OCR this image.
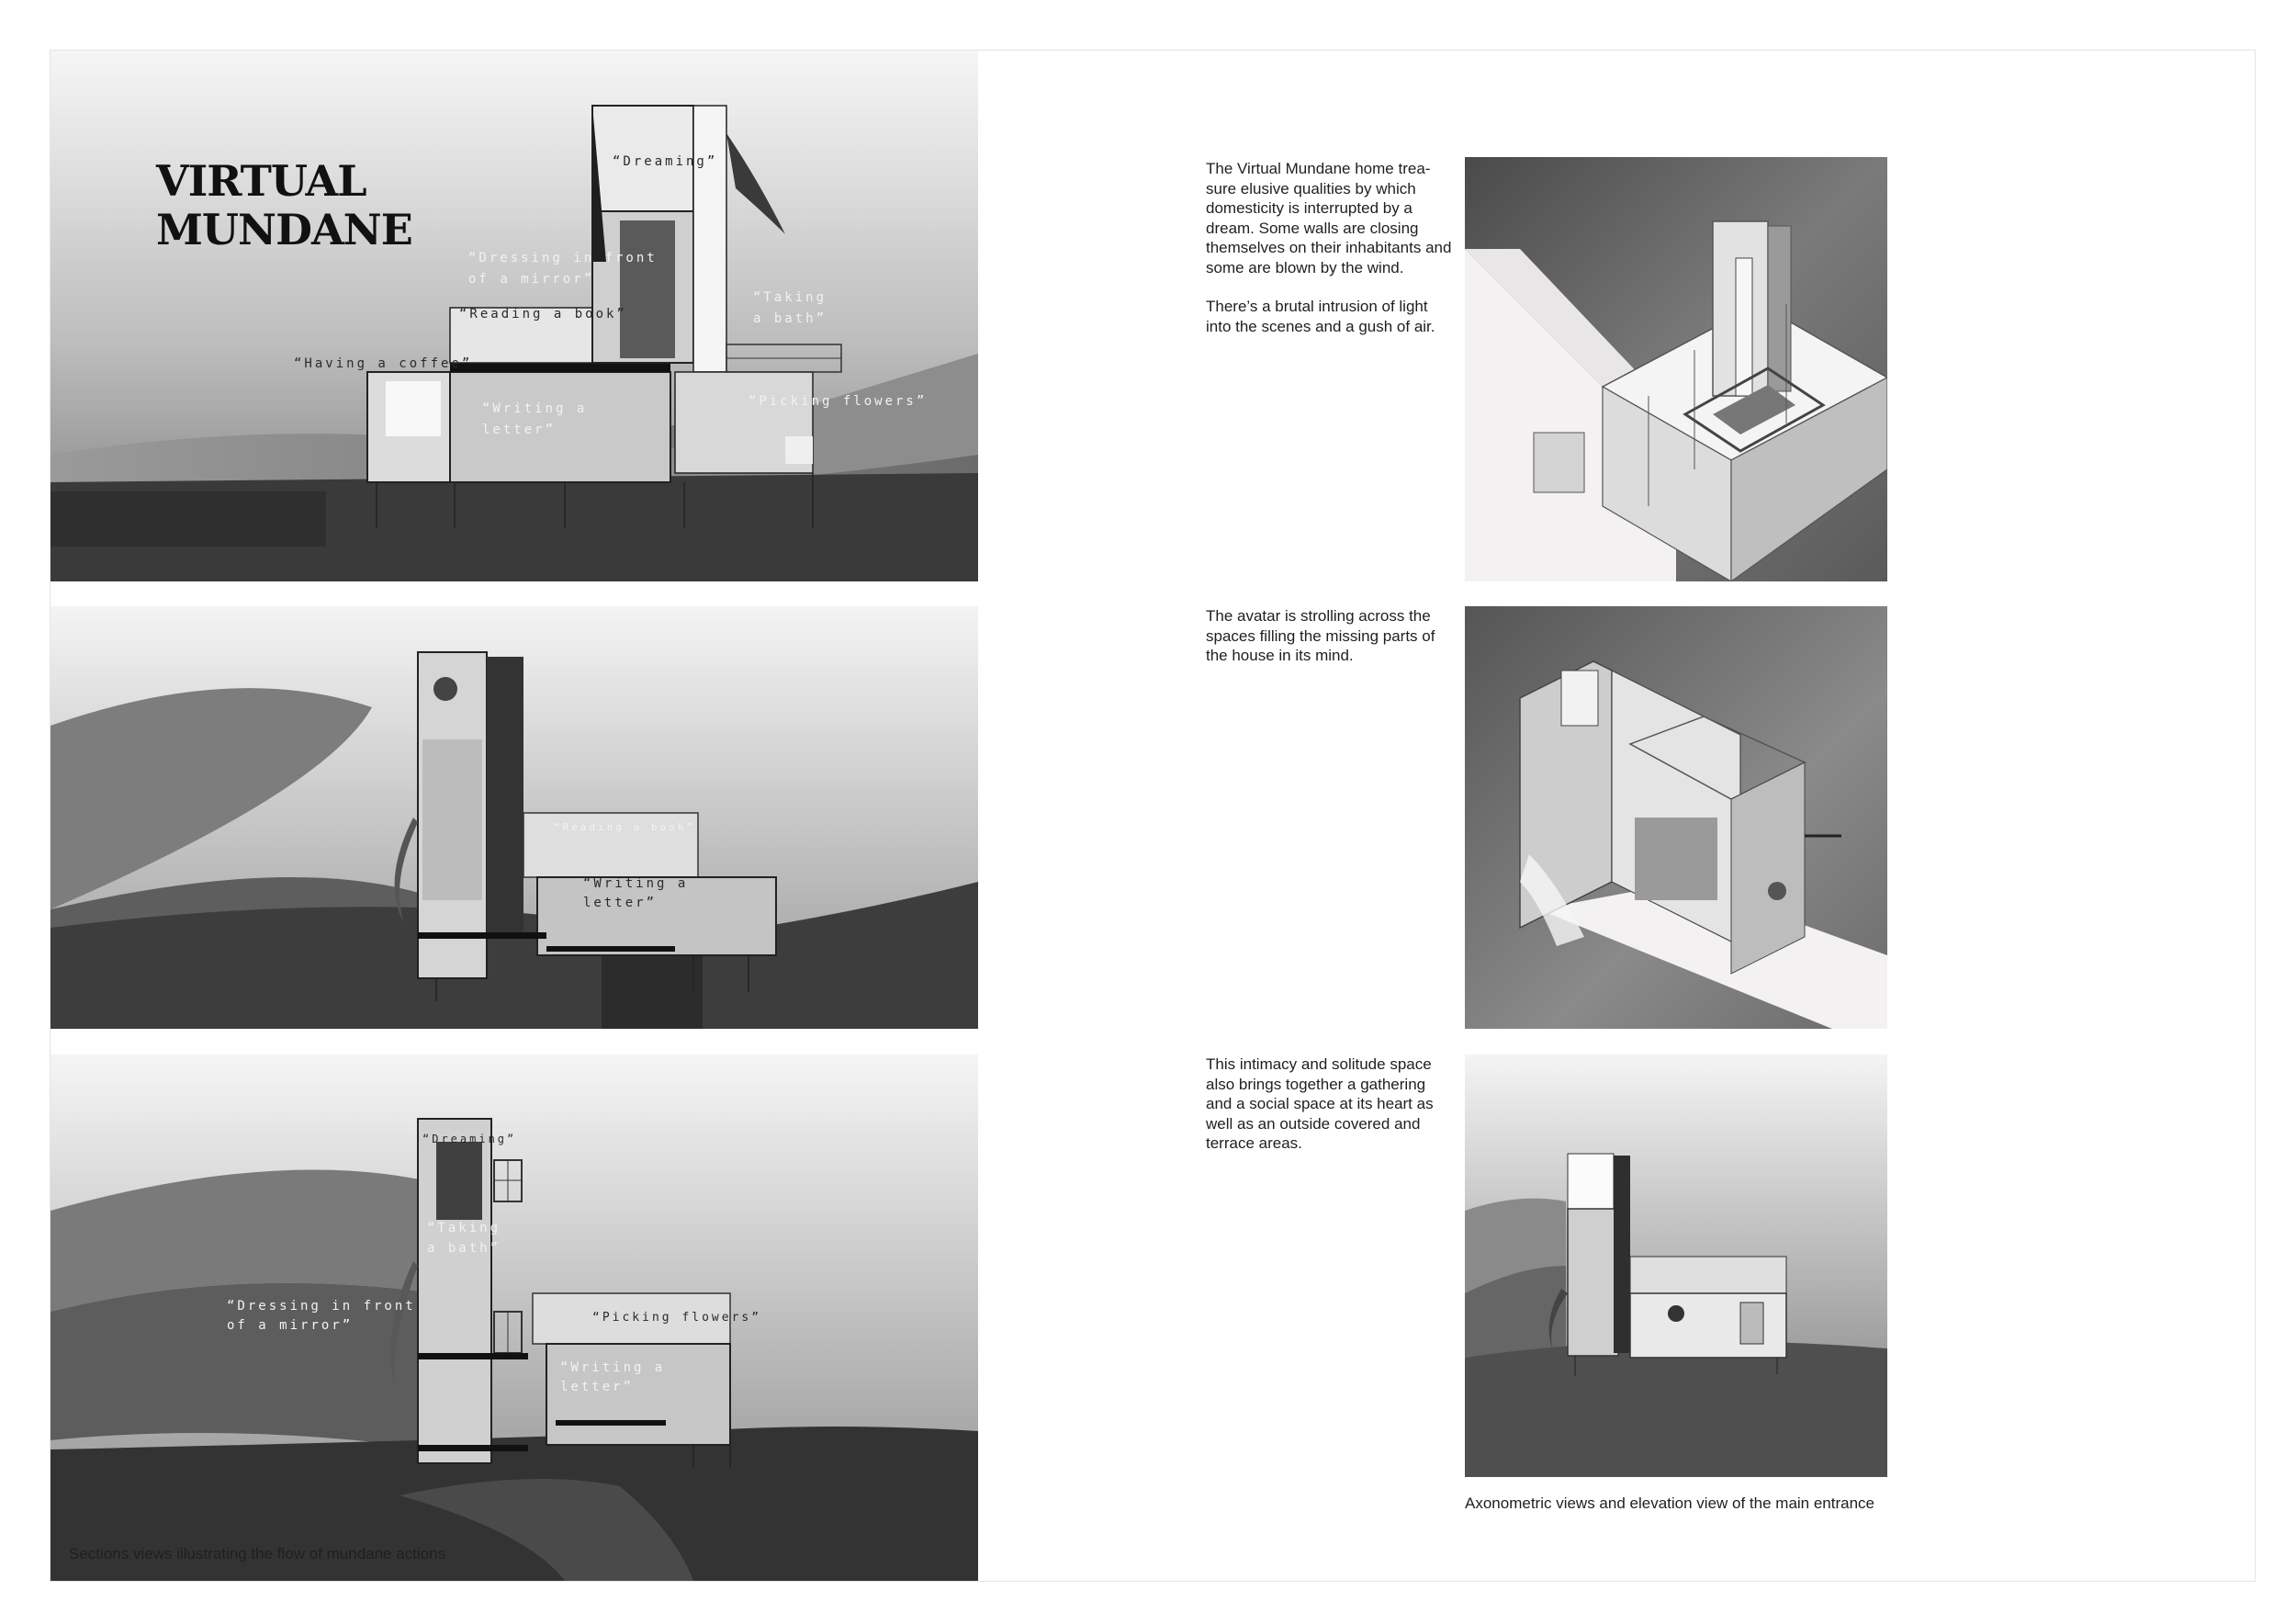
VIRTUAL
MUNDANE
“Dreaming”
“Dressing in front
of a mirror”
“Reading a book”
“Taking
a bath”
“Having a coffee”
“Writing a
letter”
“Picking flowers”
“Reading a book”
“Writing a
letter”
“Dreaming”
“Taking
a bath”
“Dressing in front
of a mirror”
“Picking flowers”
“Writing a
letter”
Sections views illustrating the flow of mundane actions

The Virtual Mundane home trea-sure elusive qualities by which domesticity is interrupted by a dream. Some walls are closing themselves on their inhabitants and some are blown by the wind.

There’s a brutal intrusion of light into the scenes and a gush of air.

The avatar is strolling across the spaces filling the missing parts of the house in its mind.

This intimacy and solitude space also brings together a gathering and a social space at its heart as well as an outside covered and terrace areas.

Axonometric views and elevation view of the main entrance
